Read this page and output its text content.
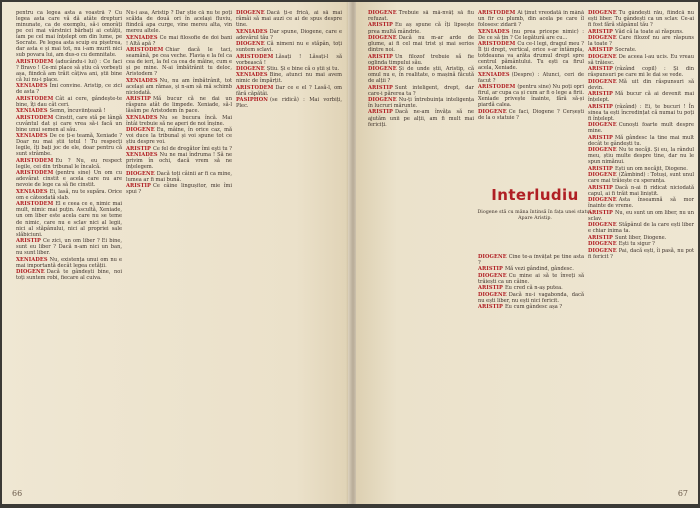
pentru ca legea asta a voastră ? Cu legea asta care vă dă atâte drepturi minunate, ca de exemplu, să-i omorâți pe cei mai vârstnici bărbați ai cetății, îam pe cel mai înțelept om din lume, pe Socrate. Pe legea asta scuip eu pișetrea, dar asta e și mai tot, nu i-am murit nici sub povara lui, am dus-o cu demnitate.

ARISTODEM (aducându-i lui) : Ce faci ? Bravo ! Ce-mi place să știu că vorbești așa, fiindcă am trăit câțiva ani, știi bine că lui nu-i place.

XENIADES Îmi convine. Aristip, ce zici de asta ?

ARISTODEM Cât ai cere, gândește-te bine, îți dau cât ceri.

XENIADES Semn, încuviințează !

ARISTODEM Cinstit, care stă pe lângă cuvântul dat și care vrea să-i facă un bine unui semen al său.

XENIADES De ce ți-e teamă, Xeniade ? Doar nu mai știi totul ! Tu respecți legile, îți bați joc de ele, doar pentru că sunt strâmbe.

ARISTODEM Eu ? Nu, eu respect legile, cei din tribunal le încalcă.

ARISTODEM (pentru sine) Un om cu adevărat cinstit e acela care nu are nevoie de lege ca să fie cinstit.

XENIADES Ei, lasă, nu te supăra. Orice om e câteodată slab.

ARISTODEM El e ceea ce e, nimic mai mult, nimic mai puțin. Ascultă, Xeniade, un om liber este acela care nu se teme de nimic, care nu e sclav nici al legii, nici al stăpânului, nici al propriei sale slăbiciuni.

ARISTIP Ce zici, un om liber ? Ei bine, sunt eu liber ? Dacă n-am nici un ban, nu sunt liber.

XENIADES Nu, existența unui om nu e mai importantă decât legea cetății.

DIOGENE Dacă te gândești bine, noi toți suntem robi, fiecare al cuiva.

Nu-i asa, Aristip ? Dar știe că nu te poți scălda de două ori în același fluviu, fiindcă apa curge, vine mereu alta, vin mereu altele.

XENIADES Ce mai filosofie de doi bani ! Altă apă ?

ARISTODEM Chiar dacă le taci, seamănă, pe cea veche. Flavia e la fel ca cea de ieri, la fel ca cea de mâine, cum e și pe mine. N-ai îmbătrânit tu deloc, Aristodem ?

XENIADES Nu, nu am îmbătrânit, tot același am rămas, și n-am să mă schimb niciodată.

ARISTIP Mă bucur că ne dai un răspuns atât de limpede. Xeniade, să-l lăsăm pe Aristodem în pace.

XENIADES Nu se bucura încă. Mai întâi trebuie să ne aperi de noi înșine.

DIOGENE Eu, mâine, în orice caz, mă voi duce la tribunal și voi spune tot ce știu despre voi.

ARISTIP Ce fel de dregător îmi eşti tu ?

XENIADES Nu ne mai îndruma ! Să ne privim în ochi, dacă vrem să ne înțelegem.

DIOGENE Dacă toți câinii ar fi ca mine, lumea ar fi mai bună.

ARISTIP Ce câine lingușitor, mie îmi spui ?

DIOGENE Dacă ți-e frică, ai să mai rămâi să mai auzi ce ai de spus despre tine.

XENIADES Dar spune, Diogene, care e adevărul tău ?

DIOGENE Că nimeni nu e stăpân, toți suntem sclavi.

ARISTODEM Lăsați ! Lăsați-l să vorbească !

DIOGENE Știu. Și e bine că o știi și tu.

XENIADES Bine, atunci nu mai avem nimic de împărțit.

ARISTODEM Dar ce e el ? Lasă-l, om fără căpătâi.

PASIPHON (se ridică) : Mai vorbiți, Plec.

66

DIOGENE Trebuie să mă-nvăț să fiu refuzat.

ARISTIP Eu aș spune că îți lipsește prea multă mândrie.

DIOGENE Dacă nu m-ar arde de glume, ai fi cel mai trist și mai serios dintre noi.

ARISTIP Un filozof trebuie să fie oglinda timpului său.

DIOGENE Și de unde știi, Aristip, că omul nu e, în realitate, o mașină făcută de alții ?

ARISTIP Sunt inteligent, drept, dar care-i părerea ta ?

DIOGENE Nu-ți întrebuința inteligența în lucruri mărunte.

ARISTIP Dacă ne-am învăța să ne ajutăm unii pe alții, am fi mult mai fericiți.

DIOGENE Cine te-a învățat pe tine asta ?

ARISTIP Mă vezi gândind, gândesc.

DIOGENE Cu mine ai să te înveți să trăiești ca un câine.

ARISTIP Eu cred că n-aș putea.

DIOGENE Dacă nu-i vagabonda, dacă nu ești liber, nu ești nici fericit.

ARISTIP Eu cum gândesc așa ?

ARISTODEM Ai ținut vreodată în mână un fir cu plumb, din acela pe care îl folosesc zidarii ?

XENIADES (nu prea pricepe nimic) : De ce să țin ? Ce legătură are cu...

ARISTODEM Cu ce-l legi, dragul meu ? Îl ții drept, vertical, orice s-ar întâmpla, totdeauna va arăta drumul drept spre centrul pământului. Tu ești ca firul acela, Xeniade.

XENIADES (Despre) : Atunci, ceri de facut ?

ARISTODEM (pentru sine) Nu poți opri firul, ar cupa ca și cum ar fi o lege a firii. Xeniade privește înainte, fără să-și piardă calea.

DIOGENE Ce faci, Diogene ? Cerșești de la o statuie ?

Interludiu
Diogene stă cu mâna întinsă în fața unei statui. Apare Aristip.

DIOGENE Tu gândești rău, fiindcă nu ești liber. Tu gândești ca un sclav. Ce-ai fi fost fără stăpânul tău ?

ARISTIP Văd că la toate ai răspuns.

DIOGENE Care filozof nu are răspuns la toate ?

ARISTIP Socrate.

DIOGENE De aceea l-au ucis. Eu vreau să trăiesc.

ARISTIP (râzând copil) : Și din răspunsuri pe care mi le dai se vede.

DIOGENE Mă uit din răspunsuri să devin.

ARISTIP Mă bucur că ai devenit mai înțelept.

ARISTIP (râzând) : Ei, te bucuri ! În sinea ta ești încredințat că numai tu poți fi înțelept.

DIOGENE Cunoști foarte mult despre mine.

ARISTIP Mă gândesc la tine mai mult decât te gândești tu.

DIOGENE Nu te necăji. Și eu, la rândul meu, știu multe despre tine, dar nu le spun nimănui.

ARISTIP Ești un om necăjit, Diogene.

DIOGENE (Zâmbind) : Totuși, sunt unul care mai trăiește cu speranța.

ARISTIP Dacă n-ai fi ridicat niciodată capul, ai fi trăit mai liniștit.

DIOGENE Asta înseamnă să mor înainte de vreme.

ARISTIP Nu, eu sunt un om liber, nu un sclav.

DIOGENE Stăpânul de la care ești liber e chiar inima ta.

ARISTIP Sunt liber, Diogene.

DIOGENE Ești tu sigur ?

DIOGENE Pai, dacă ești, îi pasă, nu pot fi fericit ?

67
